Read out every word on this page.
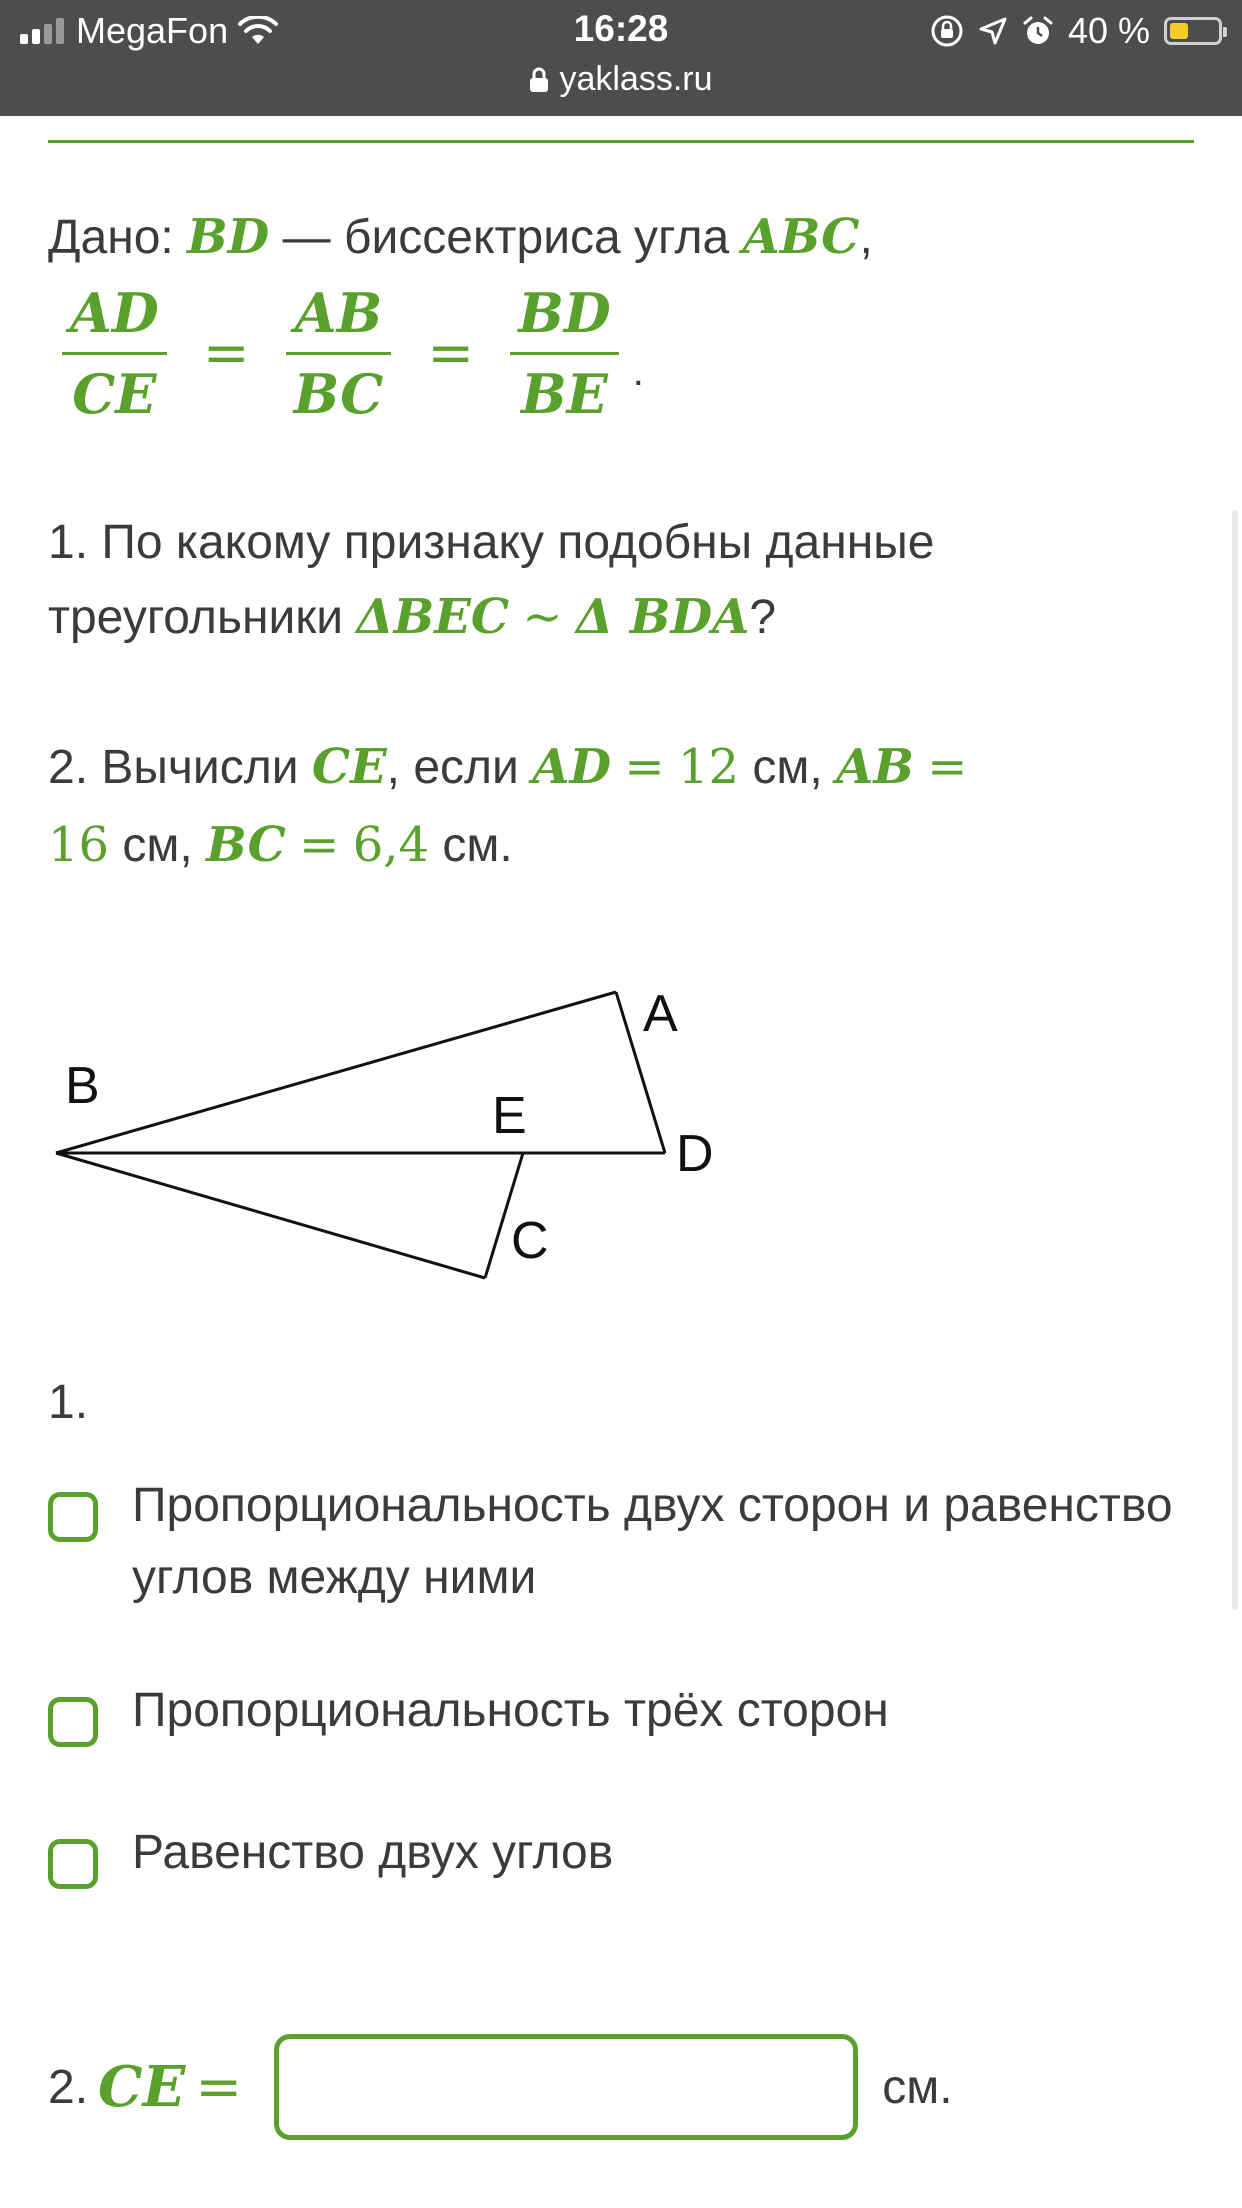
MegaFon	16:28
yaklass.ru
40 %
Дано: BD — биссектриса угла ABC,
$\frac{AD}{CE} = \frac{AB}{BC} = \frac{BD}{BE}$ .
1. По какому признаку подобны данные
треугольники ΔBEC ∼ Δ BDA?
2. Вычисли CE, если AD = 12 см, AB =
16 см, BC = 6,4 см.
B
A
E
D
C
1.
Пропорциональность двух сторон и равенство
углов между ними
Пропорциональность трёх сторон
Равенство двух углов
2. CE =	см.
